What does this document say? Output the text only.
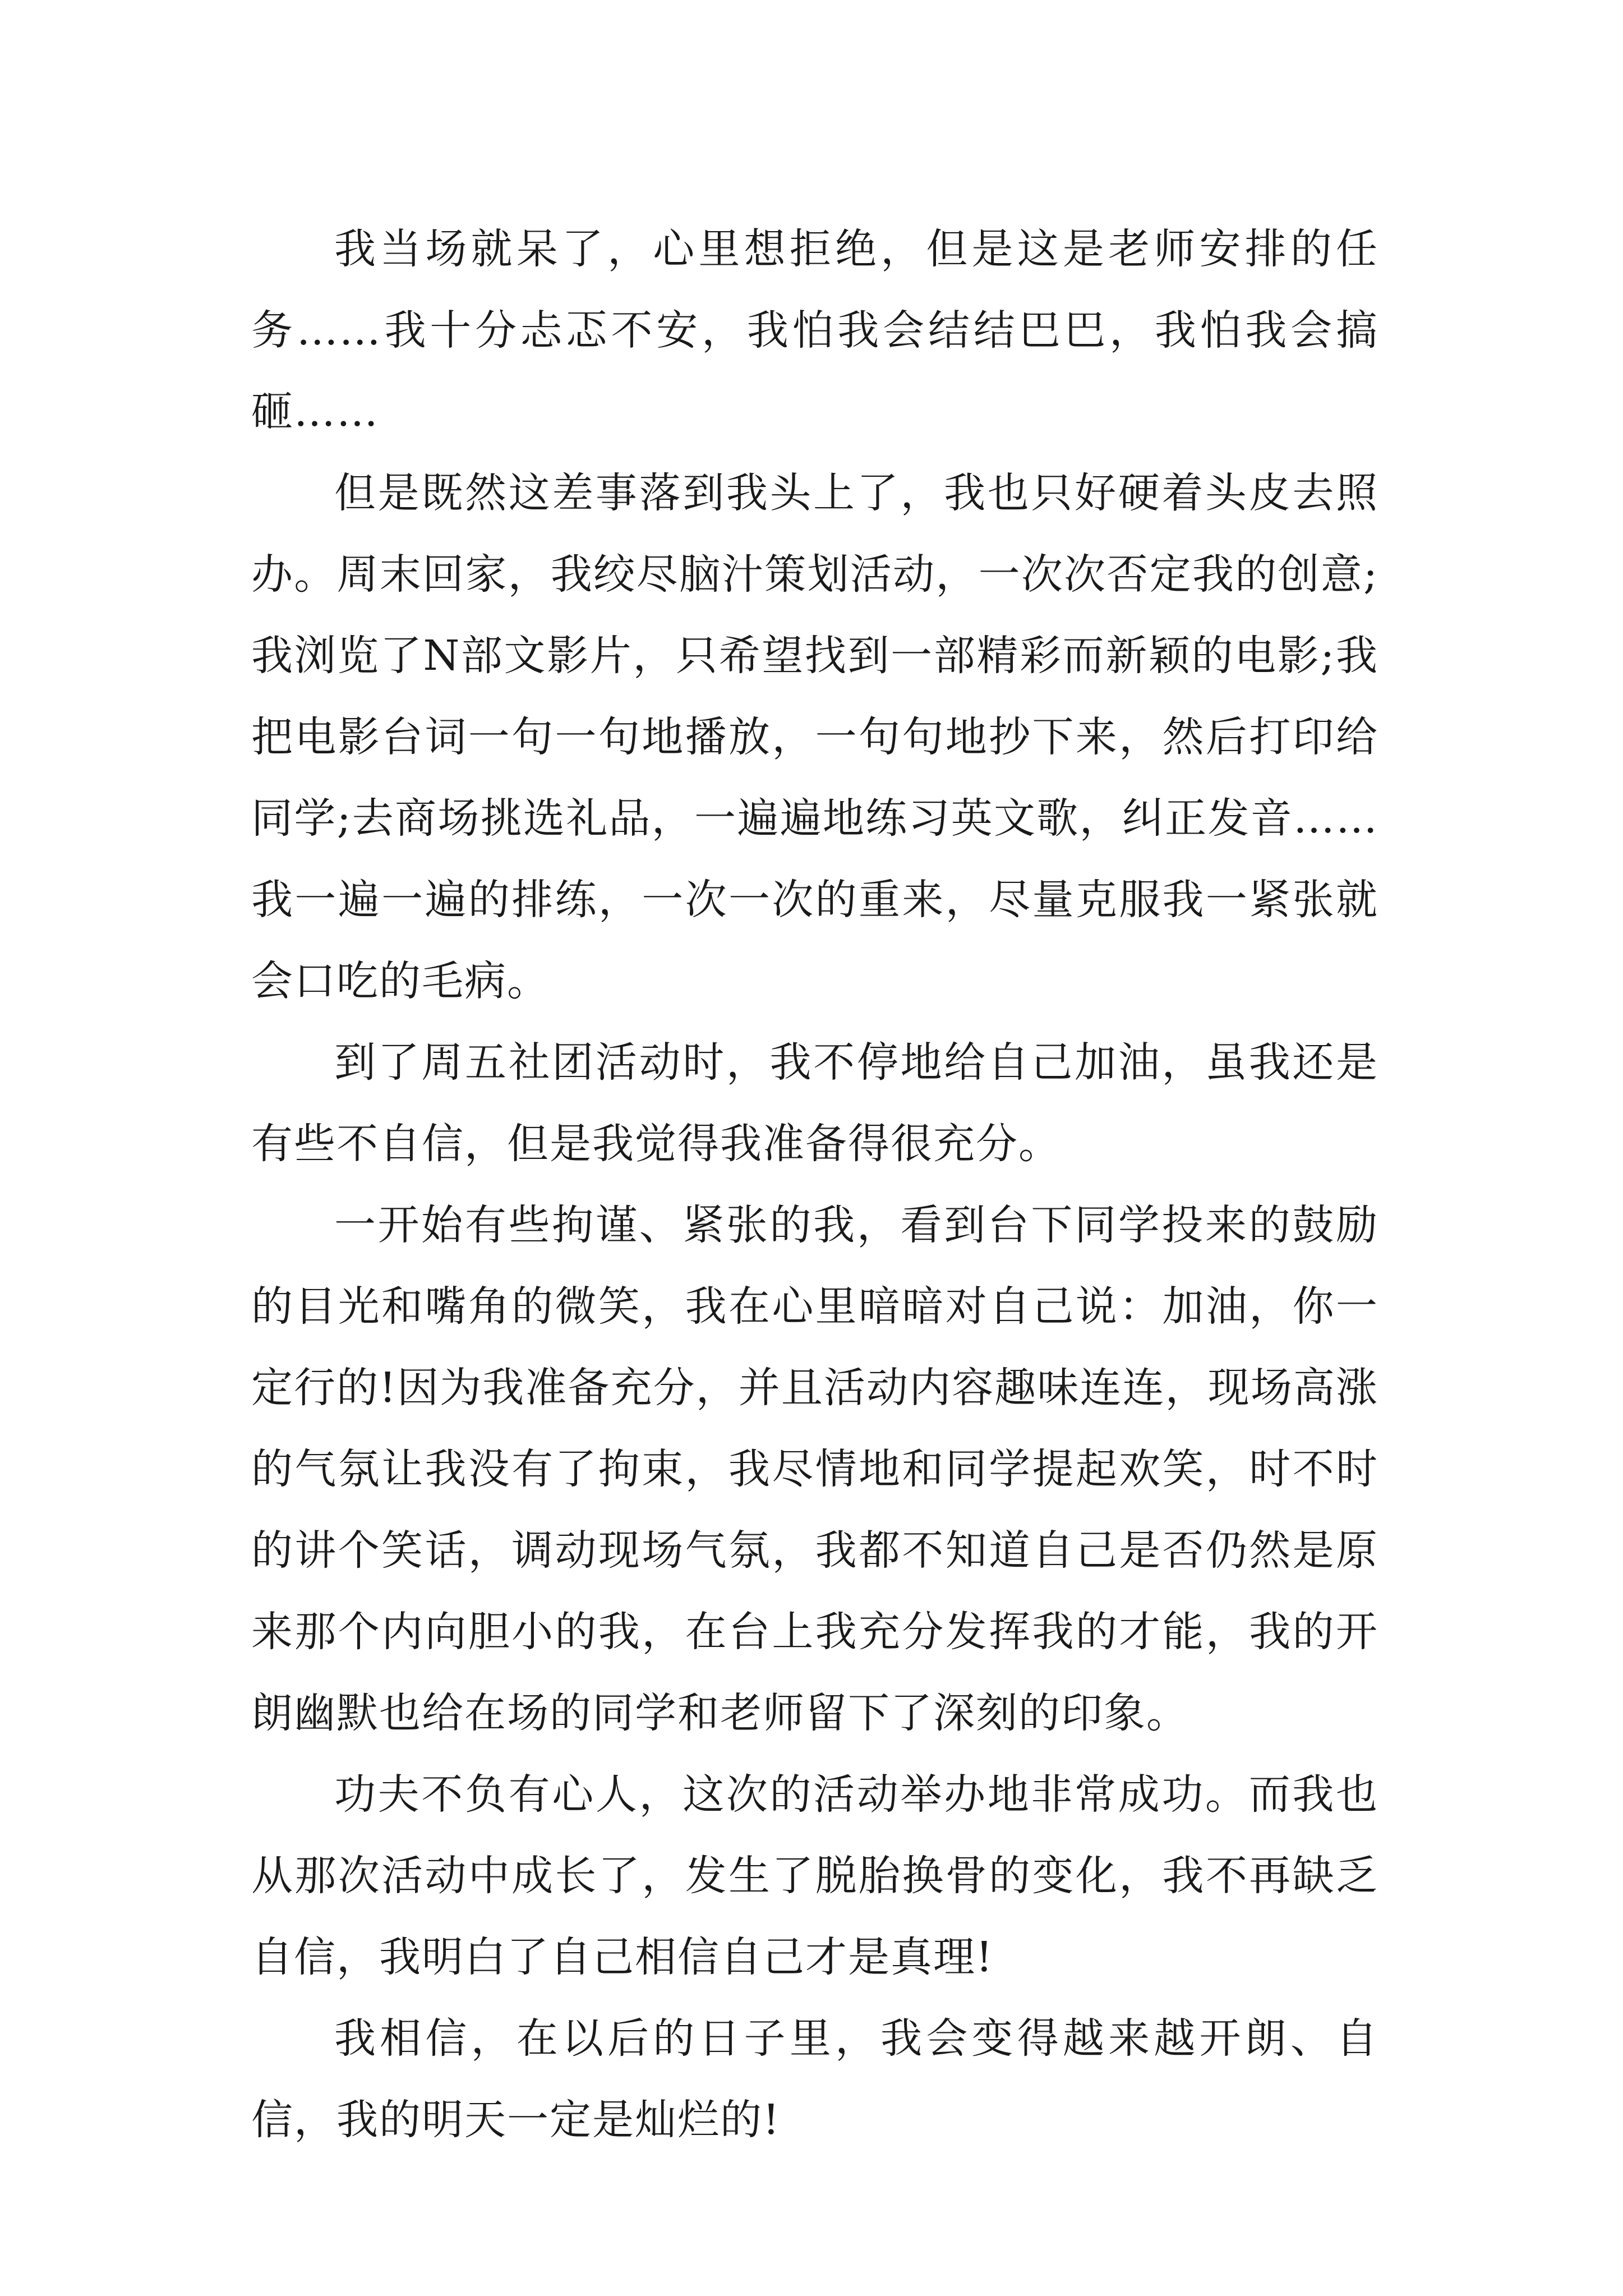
我当场就呆了，心里想拒绝，但是这是老师安排的任务……我十分忐忑不安，我怕我会结结巴巴，我怕我会搞砸……

但是既然这差事落到我头上了，我也只好硬着头皮去照办。周末回家，我绞尽脑汁策划活动，一次次否定我的创意;我浏览了N部文影片，只希望找到一部精彩而新颖的电影;我把电影台词一句一句地播放，一句句地抄下来，然后打印给同学;去商场挑选礼品，一遍遍地练习英文歌，纠正发音……我一遍一遍的排练，一次一次的重来，尽量克服我一紧张就会口吃的毛病。

到了周五社团活动时，我不停地给自己加油，虽我还是有些不自信，但是我觉得我准备得很充分。

一开始有些拘谨、紧张的我，看到台下同学投来的鼓励的目光和嘴角的微笑，我在心里暗暗对自己说：加油，你一定行的!因为我准备充分，并且活动内容趣味连连，现场高涨的气氛让我没有了拘束，我尽情地和同学提起欢笑，时不时的讲个笑话，调动现场气氛，我都不知道自己是否仍然是原来那个内向胆小的我，在台上我充分发挥我的才能，我的开朗幽默也给在场的同学和老师留下了深刻的印象。

功夫不负有心人，这次的活动举办地非常成功。而我也从那次活动中成长了，发生了脱胎换骨的变化，我不再缺乏自信，我明白了自己相信自己才是真理!

我相信，在以后的日子里，我会变得越来越开朗、自信，我的明天一定是灿烂的!
